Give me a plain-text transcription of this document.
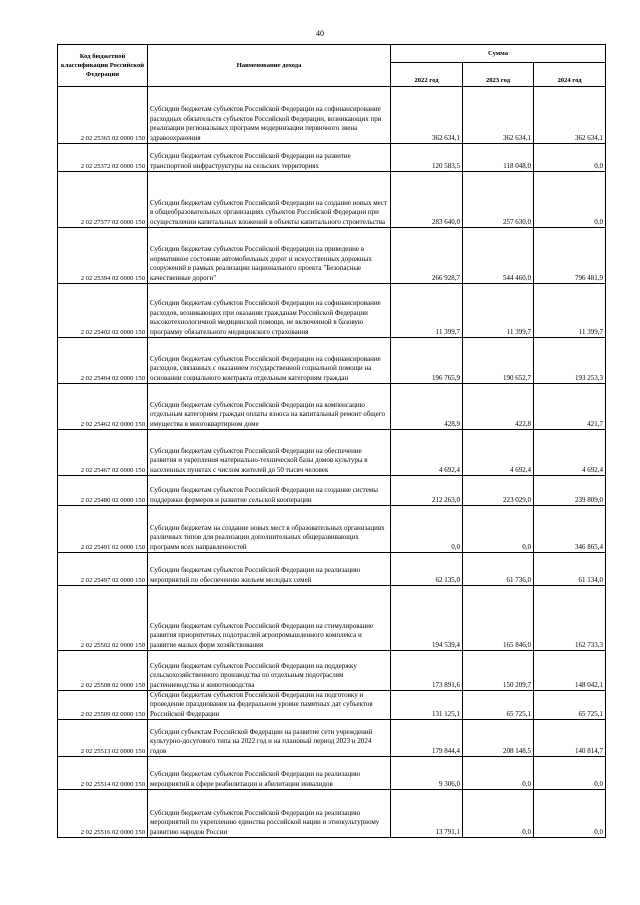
40
Код бюджетной классификации Российской Федерации	Наименование дохода	Сумма		
		2022 год	2023 год	2024 год
2 02 25365 02 0000 150	Субсидии бюджетам субъектов Российской Федерации на софинансирование расходных обязательств субъектов Российской Федерации, возникающих при реализации региональных программ модернизации первичного звена здравоохранения	362 634,1	362 634,1	362 634,1
2 02 25372 02 0000 150	Субсидии бюджетам субъектов Российской Федерации на развитие транспортной инфраструктуры на сельских территориях	120 583,5	118 048,0	0,0
2 02 27377 02 0000 150	Субсидии бюджетам субъектов Российской Федерации на создание новых мест в общеобразовательных организациях субъектов Российской Федерации при осуществлении капитальных вложений в объекты капитального строительства	283 640,0	257 630,0	0,0
2 02 25394 02 0000 150	Субсидии бюджетам субъектов Российской Федерации на приведение в нормативное состояние автомобильных дорог и искусственных дорожных сооружений в рамках реализации национального проекта "Безопасные качественные дороги"	266 928,7	544 460,0	796 481,9
2 02 25402 02 0000 150	Субсидии бюджетам субъектов Российской Федерации на софинансирование расходов, возникающих при оказании гражданам Российской Федерации высокотехнологичной медицинской помощи, не включенной в базовую программу обязательного медицинского страхования	11 399,7	11 399,7	11 399,7
2 02 25404 02 0000 150	Субсидии бюджетам субъектов Российской Федерации на софинансирование расходов, связанных с оказанием государственной социальной помощи на основании социального контракта отдельным категориям граждан	196 765,9	190 652,7	193 253,3
2 02 25462 02 0000 150	Субсидии бюджетам субъектов Российской Федерации на компенсацию отдельным категориям граждан оплаты взноса на капитальный ремонт общего имущества в многоквартирном доме	428,9	422,8	421,7
2 02 25467 02 0000 150	Субсидии бюджетам субъектов Российской Федерации на обеспечение развития и укрепления материально-технической базы домов культуры в населенных пунктах с числом жителей до 50 тысяч человек	4 692,4	4 692,4	4 692,4
2 02 25480 02 0000 150	Субсидии бюджетам субъектов Российской Федерации на создание системы поддержки фермеров и развитие сельской кооперации	212 263,0	223 029,0	239 809,0
2 02 25491 02 0000 150	Субсидии бюджетам на создание новых мест в образовательных организациях различных типов для реализации дополнительных общеразвивающих программ всех направленностей	0,0	0,0	346 865,4
2 02 25497 02 0000 150	Субсидии бюджетам субъектов Российской Федерации на реализацию мероприятий по обеспечению жильем молодых семей	62 135,0	61 736,0	61 134,0
2 02 25502 02 0000 150	Субсидии бюджетам субъектов Российской Федерации на стимулирование развития приоритетных подотраслей агропромышленного комплекса и развитие малых форм хозяйствования	194 539,4	165 846,0	162 733,3
2 02 25508 02 0000 150	Субсидии бюджетам субъектов Российской Федерации на поддержку сельскохозяйственного производства по отдельным подотраслям растениеводства и животноводства	173 891,6	150 209,7	148 042,1
2 02 25509 02 0000 150	Субсидии бюджетам субъектов Российской Федерации на подготовку и проведение празднования на федеральном уровне памятных дат субъектов Российской Федерации	131 125,1	65 725,1	65 725,1
2 02 25513 02 0000 150	Субсидии субъектам Российской Федерации на развитие сети учреждений культурно-досугового типа на 2022 год и на плановый период 2023 и 2024 годов	179 844,4	208 148,5	140 814,7
2 02 25514 02 0000 150	Субсидии бюджетам субъектов Российской Федерации на реализацию мероприятий в сфере реабилитации и абилитации инвалидов	9 306,0	0,0	0,0
2 02 25516 02 0000 150	Субсидии бюджетам субъектов Российской Федерации на реализацию мероприятий по укреплению единства российской нации и этнокультурному развитию народов России	13 791,1	0,0	0,0
